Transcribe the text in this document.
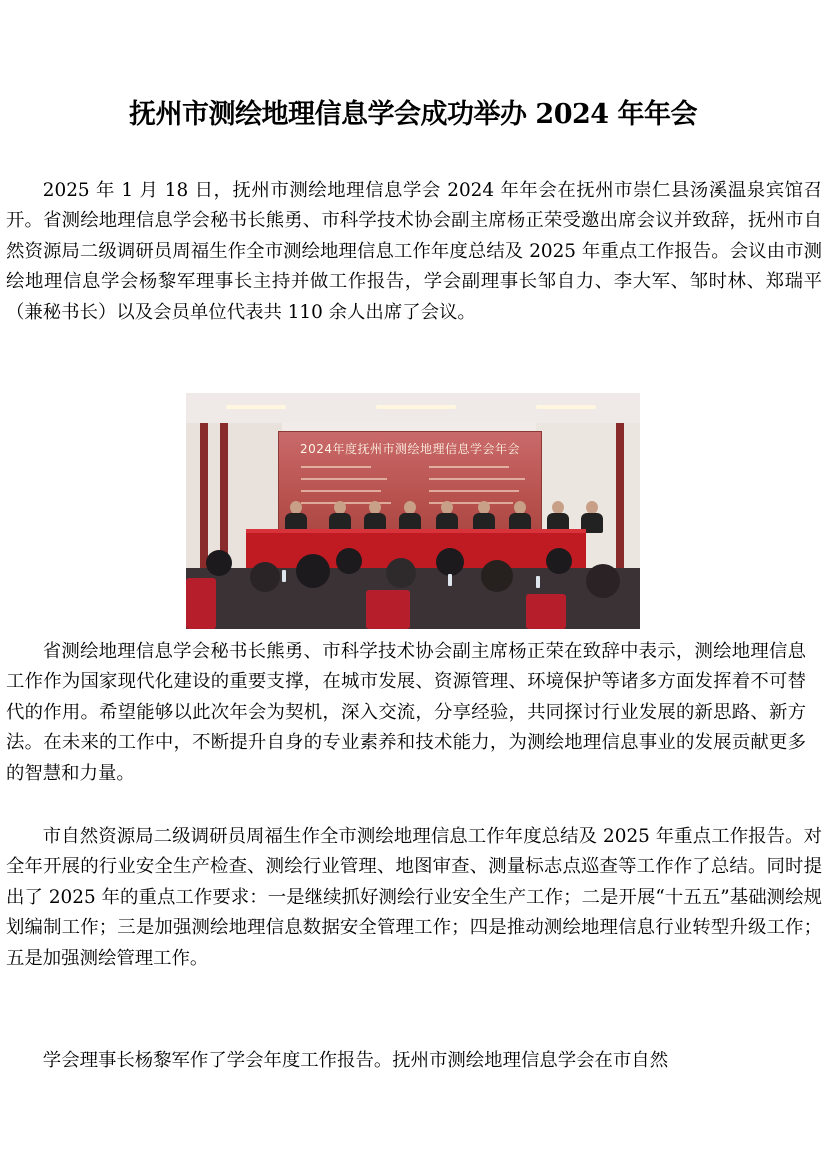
抚州市测绘地理信息学会成功举办 2024 年年会
2025 年 1 月 18 日，抚州市测绘地理信息学会 2024 年年会在抚州市崇仁县汤溪温泉宾馆召开。省测绘地理信息学会秘书长熊勇、市科学技术协会副主席杨正荣受邀出席会议并致辞，抚州市自然资源局二级调研员周福生作全市测绘地理信息工作年度总结及 2025 年重点工作报告。会议由市测绘地理信息学会杨黎军理事长主持并做工作报告，学会副理事长邹自力、李大军、邹时林、郑瑞平（兼秘书长）以及会员单位代表共 110 余人出席了会议。
2024年度抚州市测绘地理信息学会年会
省测绘地理信息学会秘书长熊勇、市科学技术协会副主席杨正荣在致辞中表示，测绘地理信息工作作为国家现代化建设的重要支撑，在城市发展、资源管理、环境保护等诸多方面发挥着不可替代的作用。希望能够以此次年会为契机，深入交流，分享经验，共同探讨行业发展的新思路、新方法。在未来的工作中，不断提升自身的专业素养和技术能力，为测绘地理信息事业的发展贡献更多的智慧和力量。
市自然资源局二级调研员周福生作全市测绘地理信息工作年度总结及 2025 年重点工作报告。对全年开展的行业安全生产检查、测绘行业管理、地图审查、测量标志点巡查等工作作了总结。同时提出了 2025 年的重点工作要求：一是继续抓好测绘行业安全生产工作；二是开展“十五五”基础测绘规划编制工作；三是加强测绘地理信息数据安全管理工作；四是推动测绘地理信息行业转型升级工作；五是加强测绘管理工作。
学会理事长杨黎军作了学会年度工作报告。抚州市测绘地理信息学会在市自然
